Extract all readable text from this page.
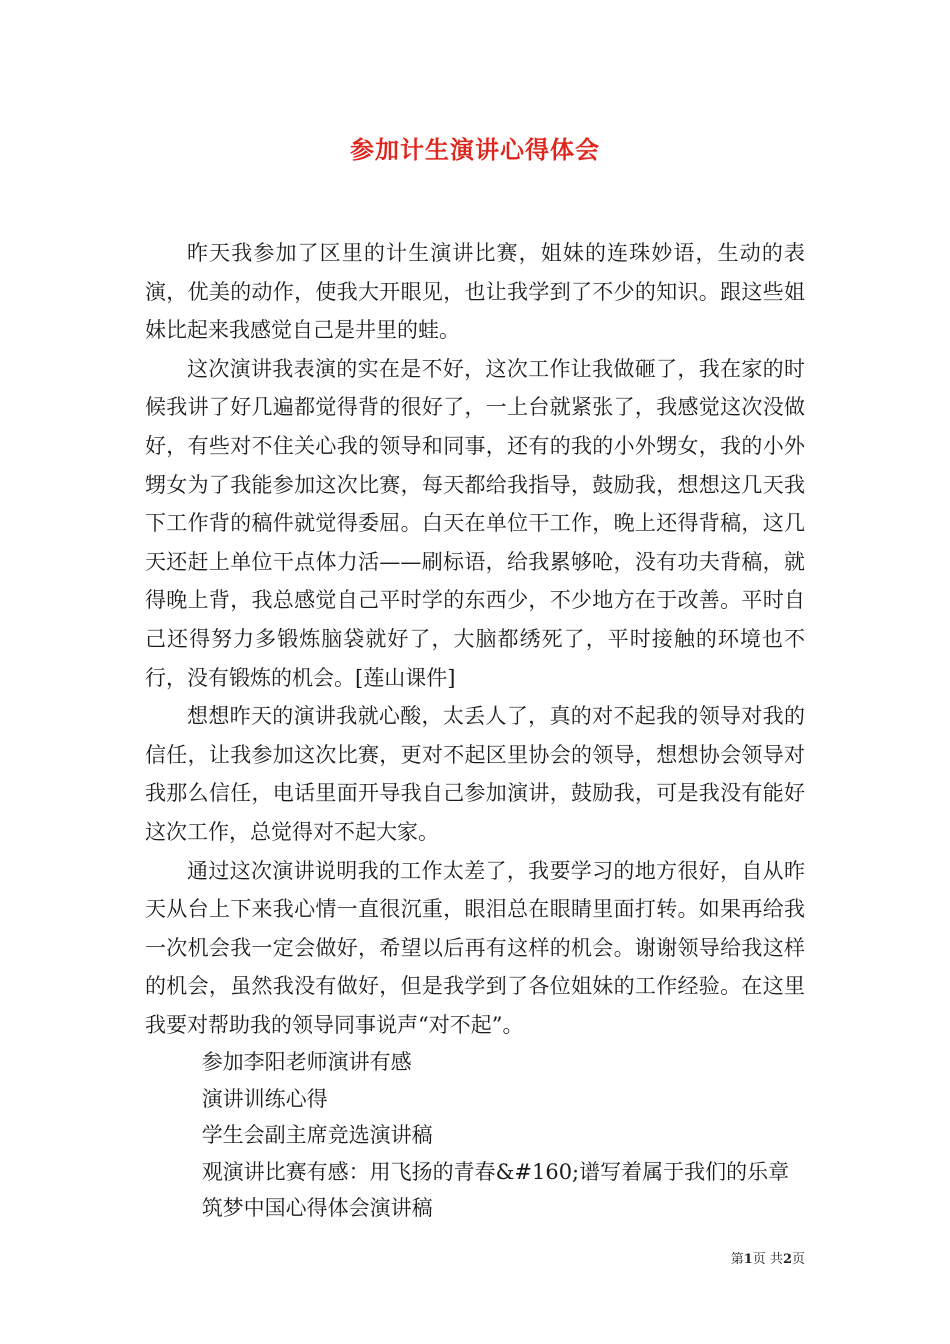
参加计生演讲心得体会

昨天我参加了区里的计生演讲比赛，姐妹的连珠妙语，生动的表演，优美的动作，使我大开眼见，也让我学到了不少的知识。跟这些姐妹比起来我感觉自己是井里的蛙。

这次演讲我表演的实在是不好，这次工作让我做砸了，我在家的时候我讲了好几遍都觉得背的很好了，一上台就紧张了，我感觉这次没做好，有些对不住关心我的领导和同事，还有的我的小外甥女，我的小外甥女为了我能参加这次比赛，每天都给我指导，鼓励我，想想这几天我下工作背的稿件就觉得委屈。白天在单位干工作，晚上还得背稿，这几天还赶上单位干点体力活——刷标语，给我累够呛，没有功夫背稿，就得晚上背，我总感觉自己平时学的东西少，不少地方在于改善。平时自己还得努力多锻炼脑袋就好了，大脑都绣死了，平时接触的环境也不行，没有锻炼的机会。[莲山课件]

想想昨天的演讲我就心酸，太丢人了，真的对不起我的领导对我的信任，让我参加这次比赛，更对不起区里协会的领导，想想协会领导对我那么信任，电话里面开导我自己参加演讲，鼓励我，可是我没有能好这次工作，总觉得对不起大家。

通过这次演讲说明我的工作太差了，我要学习的地方很好，自从昨天从台上下来我心情一直很沉重，眼泪总在眼睛里面打转。如果再给我一次机会我一定会做好，希望以后再有这样的机会。谢谢领导给我这样的机会，虽然我没有做好，但是我学到了各位姐妹的工作经验。在这里我要对帮助我的领导同事说声“对不起”。

参加李阳老师演讲有感
演讲训练心得
学生会副主席竞选演讲稿
观演讲比赛有感：用飞扬的青春&#160;谱写着属于我们的乐章
筑梦中国心得体会演讲稿
第1页 共2页
